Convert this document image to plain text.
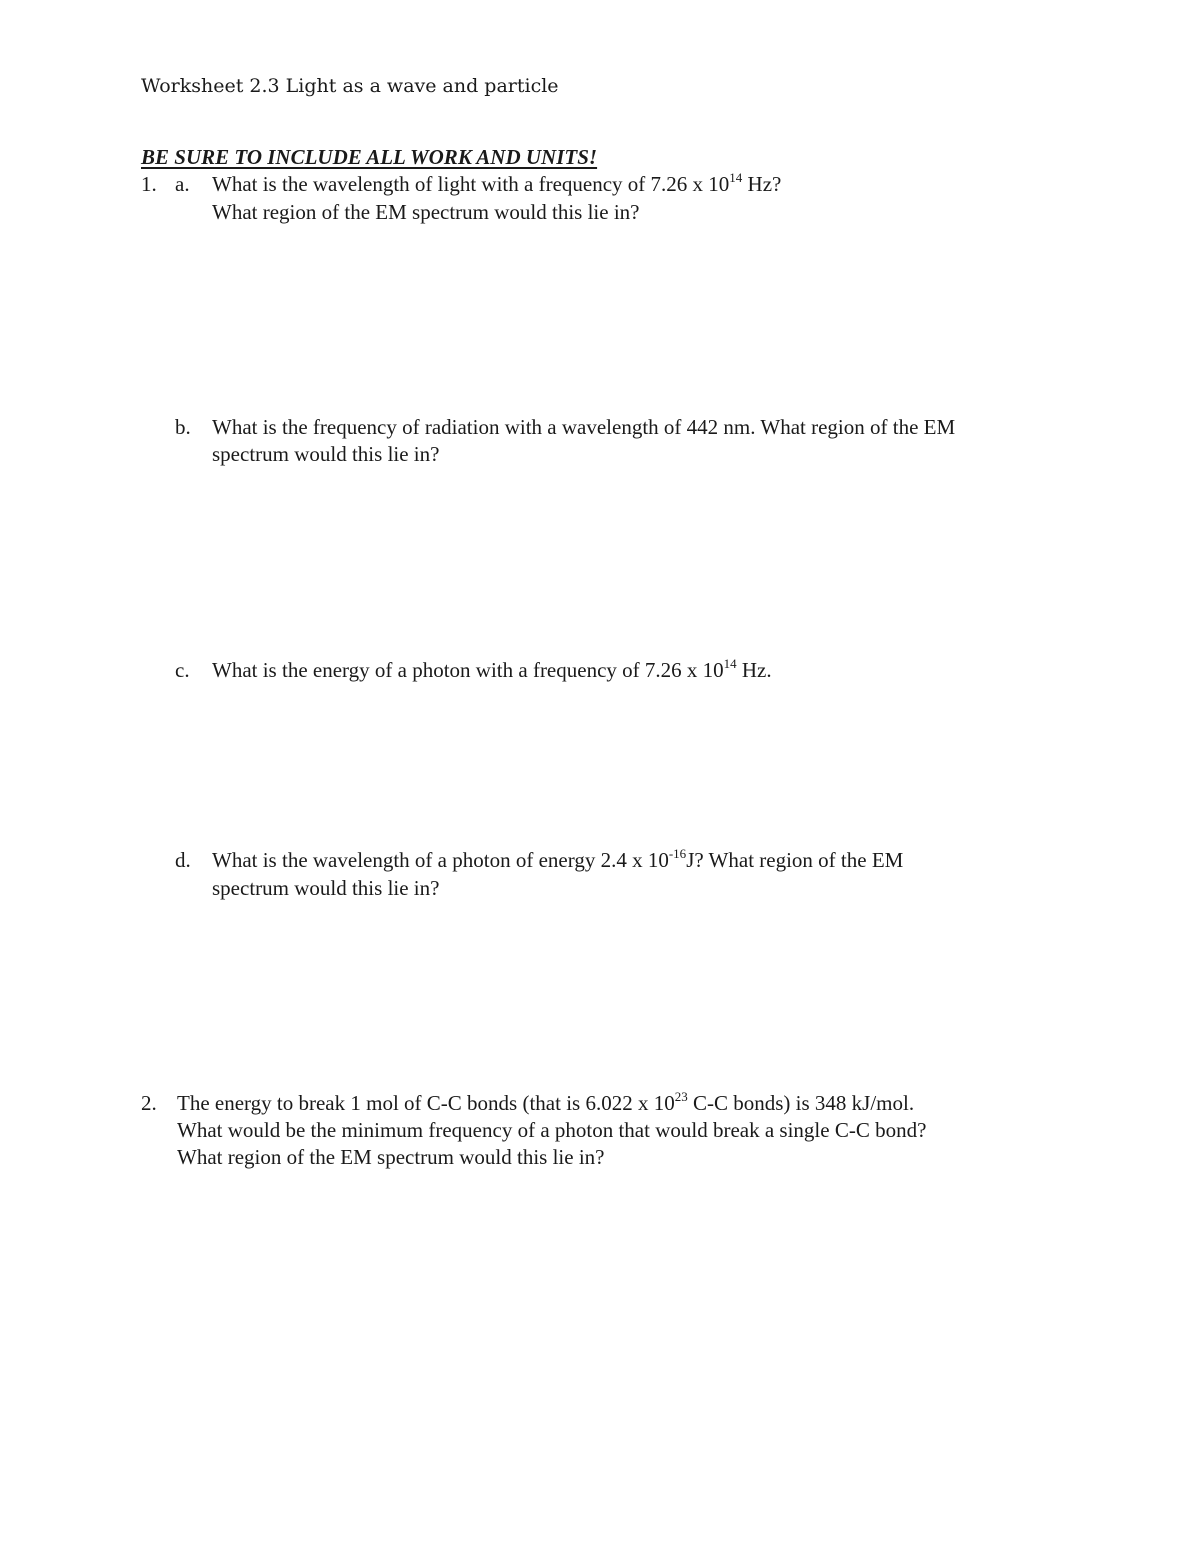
Worksheet 2.3 Light as a wave and particle
BE SURE TO INCLUDE ALL WORK AND UNITS!
1. a. What is the wavelength of light with a frequency of 7.26 x $10^{14}$ Hz?
What region of the EM spectrum would this lie in?
b. What is the frequency of radiation with a wavelength of 442 nm. What region of the EM
spectrum would this lie in?
c. What is the energy of a photon with a frequency of 7.26 x $10^{14}$ Hz.
d. What is the wavelength of a photon of energy 2.4 x $10^{-16}J$? What region of the EM
spectrum would this lie in?
2. The energy to break 1 mol of C-C bonds (that is 6.022 x $10^{23}$ C-C bonds) is 348 kJ/mol.
What would be the minimum frequency of a photon that would break a single C-C bond?
What region of the EM spectrum would this lie in?
